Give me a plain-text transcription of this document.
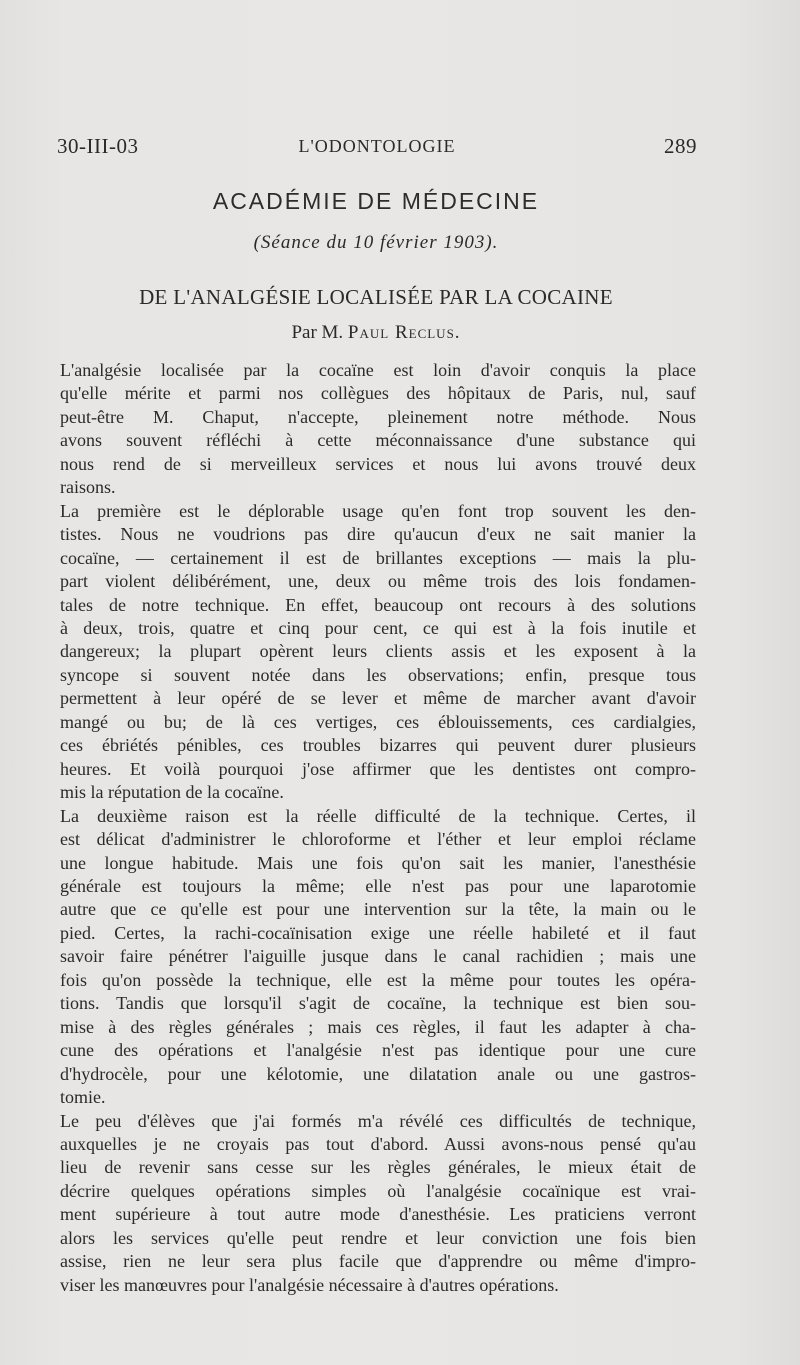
30-III-03	L'ODONTOLOGIE	289
ACADÉMIE DE MÉDECINE
(Séance du 10 février 1903).
DE L'ANALGÉSIE LOCALISÉE PAR LA COCAINE
Par M. Paul Reclus.

L'analgésie localisée par la cocaïne est loin d'avoir conquis la place
qu'elle mérite et parmi nos collègues des hôpitaux de Paris, nul, sauf
peut-être M. Chaput, n'accepte, pleinement notre méthode. Nous
avons souvent réfléchi à cette méconnaissance d'une substance qui
nous rend de si merveilleux services et nous lui avons trouvé deux
raisons.

La première est le déplorable usage qu'en font trop souvent les den-
tistes. Nous ne voudrions pas dire qu'aucun d'eux ne sait manier la
cocaïne, — certainement il est de brillantes exceptions — mais la plu-
part violent délibérément, une, deux ou même trois des lois fondamen-
tales de notre technique. En effet, beaucoup ont recours à des solutions
à deux, trois, quatre et cinq pour cent, ce qui est à la fois inutile et
dangereux; la plupart opèrent leurs clients assis et les exposent à la
syncope si souvent notée dans les observations; enfin, presque tous
permettent à leur opéré de se lever et même de marcher avant d'avoir
mangé ou bu; de là ces vertiges, ces éblouissements, ces cardialgies,
ces ébriétés pénibles, ces troubles bizarres qui peuvent durer plusieurs
heures. Et voilà pourquoi j'ose affirmer que les dentistes ont compro-
mis la réputation de la cocaïne.

La deuxième raison est la réelle difficulté de la technique. Certes, il
est délicat d'administrer le chloroforme et l'éther et leur emploi réclame
une longue habitude. Mais une fois qu'on sait les manier, l'anesthésie
générale est toujours la même; elle n'est pas pour une laparotomie
autre que ce qu'elle est pour une intervention sur la tête, la main ou le
pied. Certes, la rachi-cocaïnisation exige une réelle habileté et il faut
savoir faire pénétrer l'aiguille jusque dans le canal rachidien ; mais une
fois qu'on possède la technique, elle est la même pour toutes les opéra-
tions. Tandis que lorsqu'il s'agit de cocaïne, la technique est bien sou-
mise à des règles générales ; mais ces règles, il faut les adapter à cha-
cune des opérations et l'analgésie n'est pas identique pour une cure
d'hydrocèle, pour une kélotomie, une dilatation anale ou une gastros-
tomie.

Le peu d'élèves que j'ai formés m'a révélé ces difficultés de technique,
auxquelles je ne croyais pas tout d'abord. Aussi avons-nous pensé qu'au
lieu de revenir sans cesse sur les règles générales, le mieux était de
décrire quelques opérations simples où l'analgésie cocaïnique est vrai-
ment supérieure à tout autre mode d'anesthésie. Les praticiens verront
alors les services qu'elle peut rendre et leur conviction une fois bien
assise, rien ne leur sera plus facile que d'apprendre ou même d'impro-
viser les manœuvres pour l'analgésie nécessaire à d'autres opérations.
